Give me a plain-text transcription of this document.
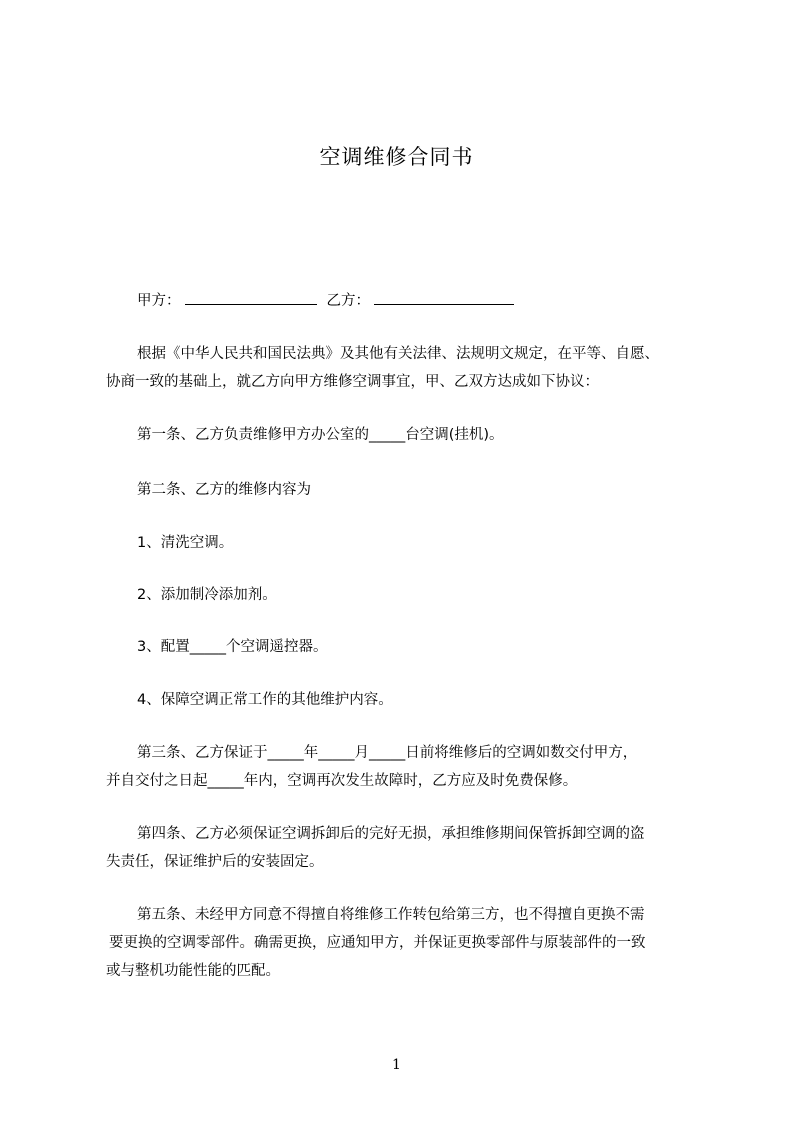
空调维修合同书
甲方：	乙方：
根据《中华人民共和国民法典》及其他有关法律、法规明文规定，在平等、自愿、
协商一致的基础上，就乙方向甲方维修空调事宜，甲、乙双方达成如下协议：
第一条、乙方负责维修甲方办公室的_____台空调(挂机)。
第二条、乙方的维修内容为
1、清洗空调。
2、添加制冷添加剂。
3、配置_____个空调遥控器。
4、保障空调正常工作的其他维护内容。
第三条、乙方保证于_____年_____月_____日前将维修后的空调如数交付甲方，
并自交付之日起_____年内，空调再次发生故障时，乙方应及时免费保修。
第四条、乙方必须保证空调拆卸后的完好无损，承担维修期间保管拆卸空调的盗
失责任，保证维护后的安装固定。
第五条、未经甲方同意不得擅自将维修工作转包给第三方，也不得擅自更换不需
要更换的空调零部件。确需更换，应通知甲方，并保证更换零部件与原装部件的一致
或与整机功能性能的匹配。
1
